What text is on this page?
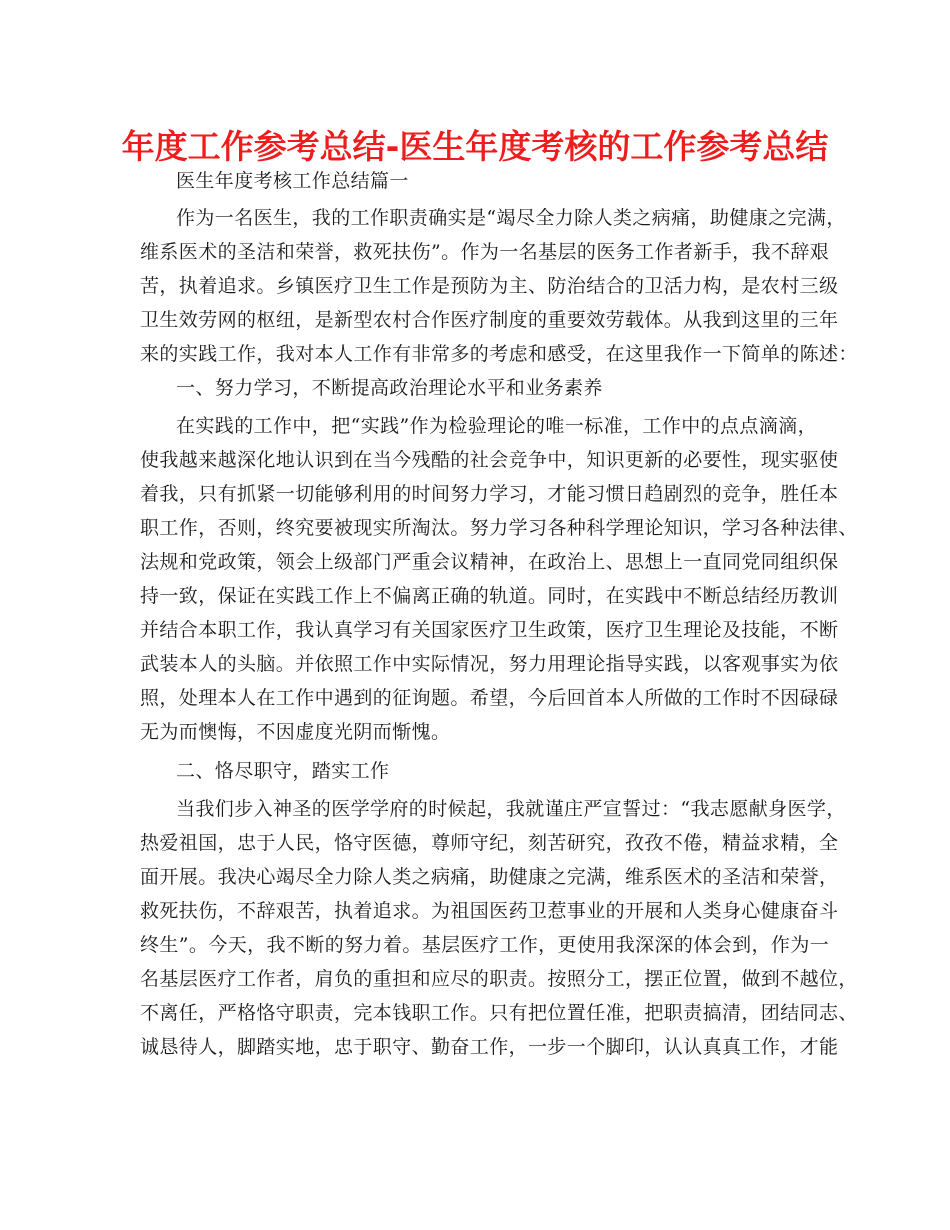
年度工作参考总结-医生年度考核的工作参考总结
医生年度考核工作总结篇一
作为一名医生，我的工作职责确实是“竭尽全力除人类之病痛，助健康之完满，
维系医术的圣洁和荣誉，救死扶伤”。作为一名基层的医务工作者新手，我不辞艰
苦，执着追求。乡镇医疗卫生工作是预防为主、防治结合的卫活力构，是农村三级
卫生效劳网的枢纽，是新型农村合作医疗制度的重要效劳载体。从我到这里的三年
来的实践工作，我对本人工作有非常多的考虑和感受，在这里我作一下简单的陈述：
一、努力学习，不断提高政治理论水平和业务素养
在实践的工作中，把“实践”作为检验理论的唯一标准，工作中的点点滴滴，
使我越来越深化地认识到在当今残酷的社会竞争中，知识更新的必要性，现实驱使
着我，只有抓紧一切能够利用的时间努力学习，才能习惯日趋剧烈的竞争，胜任本
职工作，否则，终究要被现实所淘汰。努力学习各种科学理论知识，学习各种法律、
法规和党政策，领会上级部门严重会议精神，在政治上、思想上一直同党同组织保
持一致，保证在实践工作上不偏离正确的轨道。同时，在实践中不断总结经历教训
并结合本职工作，我认真学习有关国家医疗卫生政策，医疗卫生理论及技能，不断
武装本人的头脑。并依照工作中实际情况，努力用理论指导实践，以客观事实为依
照，处理本人在工作中遇到的征询题。希望，今后回首本人所做的工作时不因碌碌
无为而懊悔，不因虚度光阴而惭愧。
二、恪尽职守，踏实工作
当我们步入神圣的医学学府的时候起，我就谨庄严宣誓过：“我志愿献身医学，
热爱祖国，忠于人民，恪守医德，尊师守纪，刻苦研究，孜孜不倦，精益求精，全
面开展。我决心竭尽全力除人类之病痛，助健康之完满，维系医术的圣洁和荣誉，
救死扶伤，不辞艰苦，执着追求。为祖国医药卫惹事业的开展和人类身心健康奋斗
终生”。今天，我不断的努力着。基层医疗工作，更使用我深深的体会到，作为一
名基层医疗工作者，肩负的重担和应尽的职责。按照分工，摆正位置，做到不越位，
不离任，严格恪守职责，完本钱职工作。只有把位置任准，把职责搞清，团结同志、
诚恳待人，脚踏实地，忠于职守、勤奋工作，一步一个脚印，认认真真工作，才能
